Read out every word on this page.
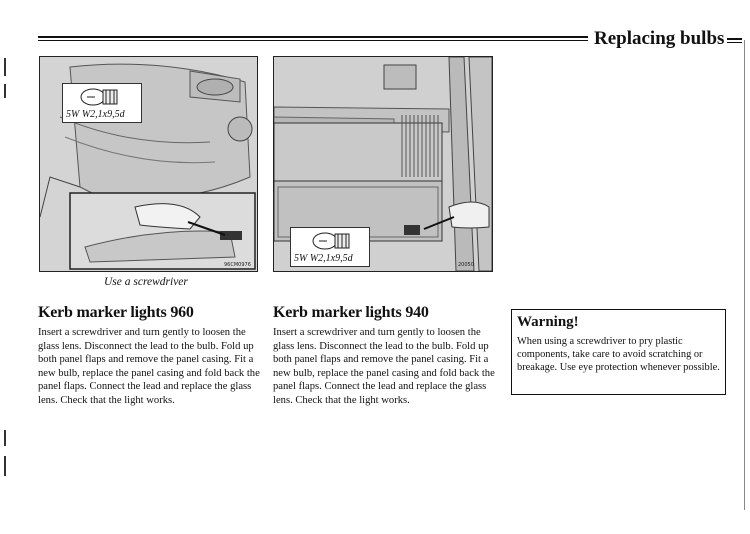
Replacing bulbs
5W W2,1x9,5d
96CM0976
Use a screwdriver
5W W2,1x9,5d
20050
Kerb marker lights 960
Insert a screwdriver and turn gently to loosen the glass lens. Disconnect the lead to the bulb. Fold up both panel flaps and remove the panel casing. Fit a new bulb, replace the panel casing and fold back the panel flaps. Connect the lead and replace the glass lens. Check that the light works.
Kerb marker lights 940
Insert a screwdriver and turn gently to loosen the glass lens. Disconnect the lead to the bulb. Fold up both panel flaps and remove the panel casing. Fit a new bulb, replace the panel casing and fold back the panel flaps. Connect the lead and replace the glass lens. Check that the light works.
Warning!
When using a screwdriver to pry plastic components, take care to avoid scratching or breakage. Use eye protection whenever possible.
